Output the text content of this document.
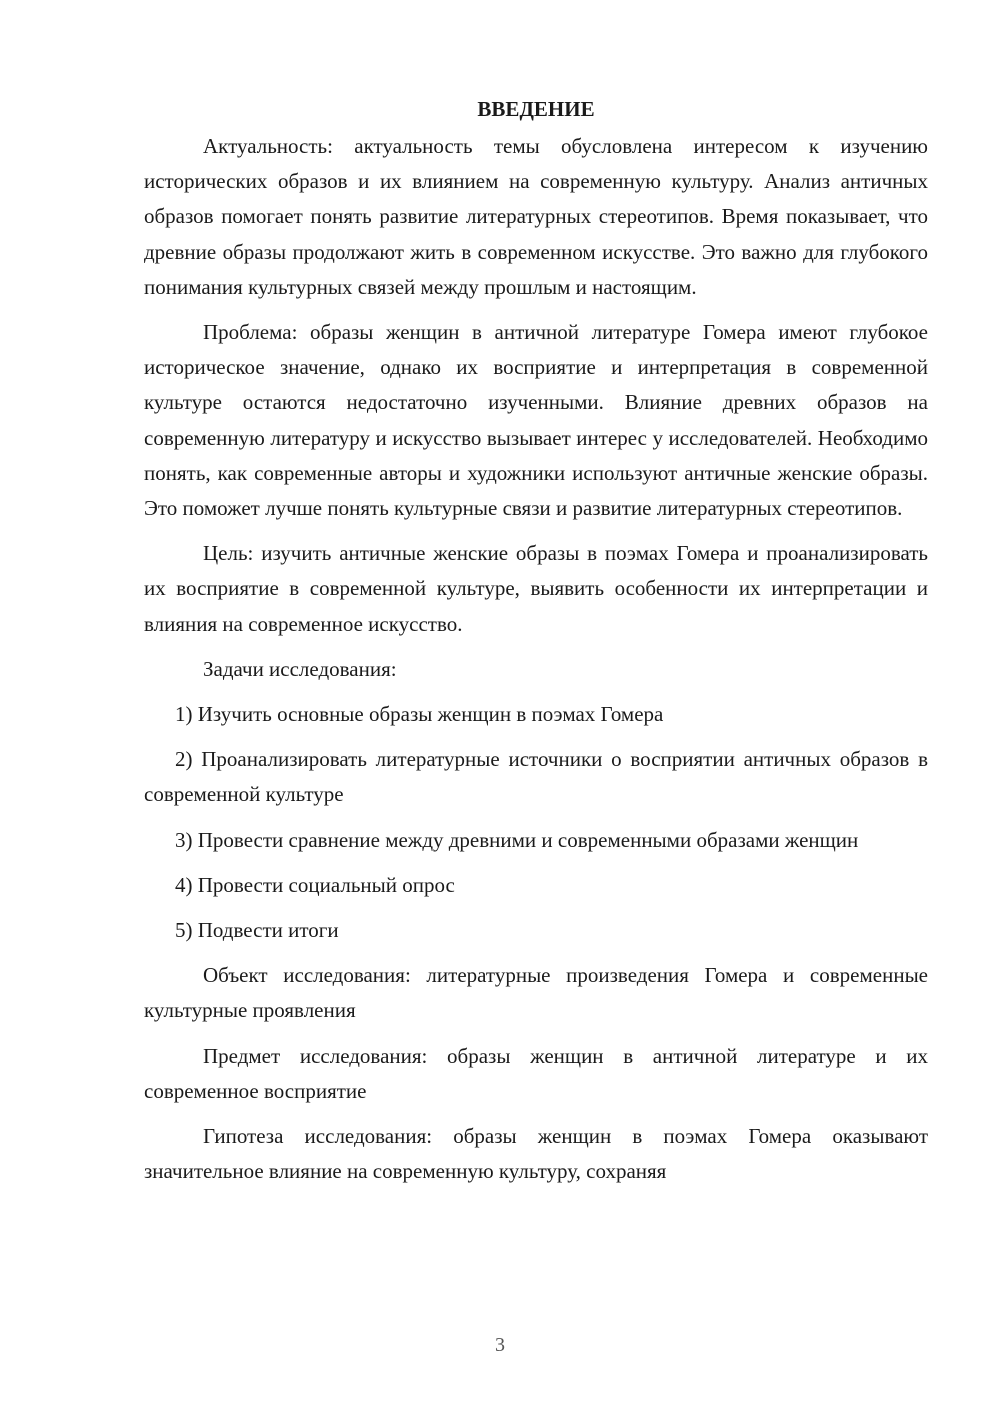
ВВЕДЕНИЕ

Актуальность: актуальность темы обусловлена интересом к изучению исторических образов и их влиянием на современную культуру. Анализ античных образов помогает понять развитие литературных стереотипов. Время показывает, что древние образы продолжают жить в современном искусстве. Это важно для глубокого понимания культурных связей между прошлым и настоящим.

Проблема: образы женщин в античной литературе Гомера имеют глубокое историческое значение, однако их восприятие и интерпретация в современной культуре остаются недостаточно изученными. Влияние древних образов на современную литературу и искусство вызывает интерес у исследователей. Необходимо понять, как современные авторы и художники используют античные женские образы. Это поможет лучше понять культурные связи и развитие литературных стереотипов.

Цель: изучить античные женские образы в поэмах Гомера и проанализировать их восприятие в современной культуре, выявить особенности их интерпретации и влияния на современное искусство.

Задачи исследования:

1) Изучить основные образы женщин в поэмах Гомера

2) Проанализировать литературные источники о восприятии античных образов в современной культуре

3) Провести сравнение между древними и современными образами женщин

4) Провести социальный опрос

5) Подвести итоги

Объект исследования: литературные произведения Гомера и современные культурные проявления

Предмет исследования: образы женщин в античной литературе и их современное восприятие

Гипотеза исследования: образы женщин в поэмах Гомера оказывают значительное влияние на современную культуру, сохраняя

3
